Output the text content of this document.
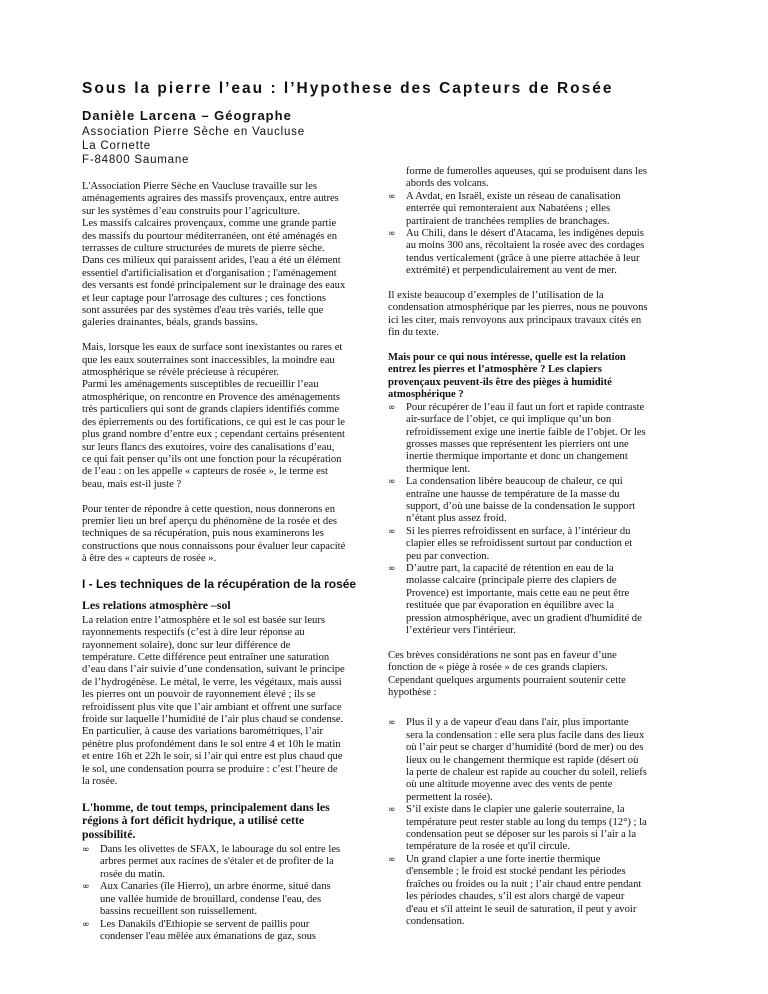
Sous la pierre l’eau : l’Hypothese des Capteurs de Rosée
Danièle Larcena – Géographe
Association Pierre Sèche en Vaucluse
La Cornette
F-84800 Saumane
L'Association Pierre Sèche en Vaucluse travaille sur les
aménagements agraires des massifs provençaux, entre autres
sur les systèmes d’eau construits pour l’agriculture.
Les massifs calcaires provençaux, comme une grande partie
des massifs du pourtour méditerranéen, ont été aménagés en
terrasses de culture structurées de murets de pierre sèche.
Dans ces milieux qui paraissent arides, l'eau a été un élément
essentiel d'artificialisation et d'organisation ; l'aménagement
des versants est fondé principalement sur le drainage des eaux
et leur captage pour l'arrosage des cultures ; ces fonctions
sont assurées par des systèmes d'eau très variés, telle que
galeries drainantes, béals, grands bassins.
Mais, lorsque les eaux de surface sont inexistantes ou rares et
que les eaux souterraines sont inaccessibles, la moindre eau
atmosphérique se révèle précieuse à récupérer.
Parmi les aménagements susceptibles de recueillir l’eau
atmosphérique, on rencontre en Provence des aménagements
très particuliers qui sont de grands clapiers identifiés comme
des épierrements ou des fortifications, ce qui est le cas pour le
plus grand nombre d’entre eux ; cependant certains présentent
sur leurs flancs des exutoires, voire des canalisations d’eau,
ce qui fait penser qu’ils ont une fonction pour la récupération
de l’eau : on les appelle « capteurs de rosée », le terme est
beau, mais est-il juste ?
Pour tenter de répondre à cette question, nous donnerons en
premier lieu un bref aperçu du phénomène de la rosée et des
techniques de sa récupération, puis nous examinerons les
constructions que nous connaissons pour évaluer leur capacité
à être des « capteurs de rosée ».
I - Les techniques de la récupération de la rosée
Les relations atmosphère –sol
La relation entre l’atmosphère et le sol est basée sur leurs
rayonnements respectifs (c’est à dire leur réponse au
rayonnement solaire), donc sur leur différence de
température. Cette différence peut entraîner une saturation
d’eau dans l’air suivie d’une condensation, suivant le principe
de l’hydrogénèse. Le métal, le verre, les végétaux, mais aussi
les pierres ont un pouvoir de rayonnement élevé ; ils se
refroidissent plus vite que l’air ambiant et offrent une surface
froide sur laquelle l’humidité de l’air plus chaud se condense.
En particulier, à cause des variations barométriques, l’air
pénètre plus profondément dans le sol entre 4 et 10h le matin
et entre 16h et 22h le soir, si l’air qui entre est plus chaud que
le sol, une condensation pourra se produire : c’est l’heure de
la rosée.
L'homme, de tout temps, principalement dans les
régions à fort déficit hydrique, a utilisé cette
possibilité.
∞ Dans les olivettes de SFAX, le labourage du sol entre les
arbres permet aux racines de s'étaler et de profiter de la
rosée du matin.
∞ Aux Canaries (île Hierro), un arbre énorme, situé dans
une vallée humide de brouillard, condense l'eau, des
bassins recueillent son ruissellement.
∞ Les Danakils d'Ethiopie se servent de paillis pour
condenser l'eau mêlée aux émanations de gaz, sous
forme de fumerolles aqueuses, qui se produisent dans les
abords des volcans.
∞ A Avdat, en Israël, existe un réseau de canalisation
enterrée qui remonteraient aux Nabatéens ; elles
partiraient de tranchées remplies de branchages.
∞ Au Chili, dans le désert d'Atacama, les indigènes depuis
au moins 300 ans, récoltaient la rosée avec des cordages
tendus verticalement (grâce à une pierre attachée à leur
extrémité) et perpendiculairement au vent de mer.
Il existe beaucoup d’exemples de l’utilisation de la
condensation atmosphérique par les pierres, nous ne pouvons
ici les citer, mais renvoyons aux principaux travaux cités en
fin du texte.
Mais pour ce qui nous intéresse, quelle est la relation
entrez les pierres et l’atmosphère ? Les clapiers
provençaux peuvent-ils être des pièges à humidité
atmosphérique ?
∞ Pour récupérer de l’eau il faut un fort et rapide contraste
air-surface de l’objet, ce qui implique qu’un bon
refroidissement exige une inertie faible de l’objet. Or les
grosses masses que représentent les pierriers ont une
inertie thermique importante et donc un changement
thermique lent.
∞ La condensation libère beaucoup de chaleur, ce qui
entraîne une hausse de température de la masse du
support, d’où une baisse de la condensation le support
n’étant plus assez froid.
∞ Si les pierres refroidissent en surface, à l’intérieur du
clapier elles se refroidissent surtout par conduction et
peu par convection.
∞ D’autre part, la capacité de rétention en eau de la
molasse calcaire (principale pierre des clapiers de
Provence) est importante, mais cette eau ne peut être
restituée que par évaporation en équilibre avec la
pression atmosphérique, avec un gradient d'humidité de
l’extérieur vers l'intérieur.
Ces brèves considérations ne sont pas en faveur d’une
fonction de « piège à rosée » de ces grands clapiers.
Cependant quelques arguments pourraient soutenir cette
hypothèse :
∞ Plus il y a de vapeur d'eau dans l'air, plus importante
sera la condensation : elle sera plus facile dans des lieux
où l’air peut se charger d’humidité (bord de mer) ou des
lieux ou le changement thermique est rapide (désert où
la perte de chaleur est rapide au coucher du soleil, reliefs
où une altitude moyenne avec des vents de pente
permettent la rosée).
∞ S’il existe dans le clapier une galerie souterraine, la
température peut rester stable au long du temps (12°) ; la
condensation peut se déposer sur les parois si l’air a la
température de la rosée et qu'il circule.
∞ Un grand clapier a une forte inertie thermique
d'ensemble ; le froid est stocké pendant les périodes
fraîches ou froides ou la nuit ; l’air chaud entre pendant
les périodes chaudes, s’il est alors chargé de vapeur
d'eau et s'il atteint le seuil de saturation, il peut y avoir
condensation.
